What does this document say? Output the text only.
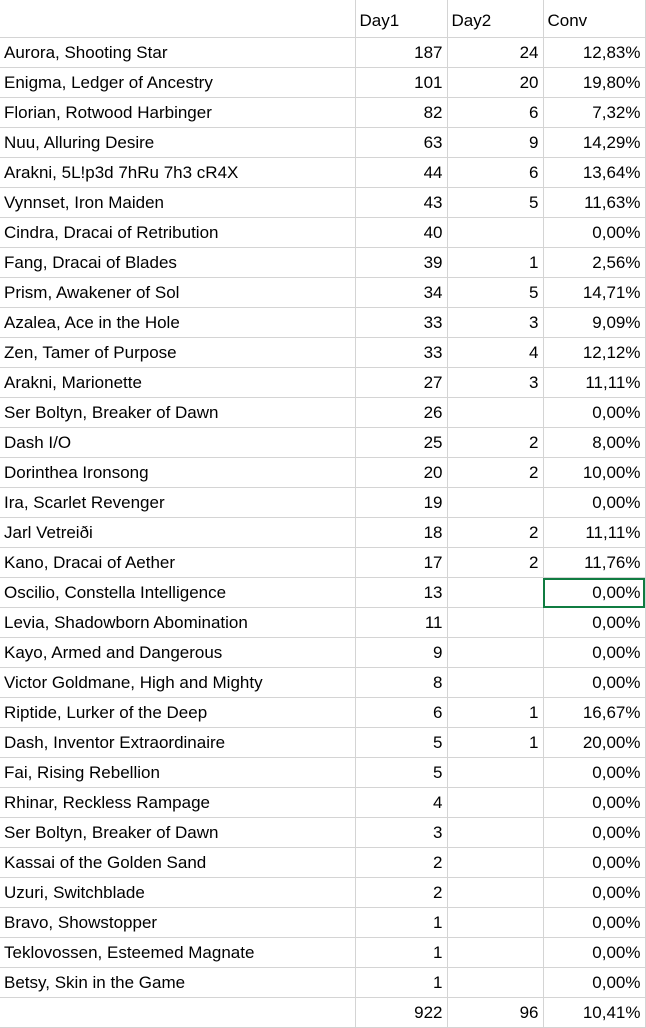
	Day1	Day2	Conv
Aurora, Shooting Star	187	24	12,83%
Enigma, Ledger of Ancestry	101	20	19,80%
Florian, Rotwood Harbinger	82	6	7,32%
Nuu, Alluring Desire	63	9	14,29%
Arakni, 5L!p3d 7hRu 7h3 cR4X	44	6	13,64%
Vynnset, Iron Maiden	43	5	11,63%
Cindra, Dracai of Retribution	40		0,00%
Fang, Dracai of Blades	39	1	2,56%
Prism, Awakener of Sol	34	5	14,71%
Azalea, Ace in the Hole	33	3	9,09%
Zen, Tamer of Purpose	33	4	12,12%
Arakni, Marionette	27	3	11,11%
Ser Boltyn, Breaker of Dawn	26		0,00%
Dash I/O	25	2	8,00%
Dorinthea Ironsong	20	2	10,00%
Ira, Scarlet Revenger	19		0,00%
Jarl Vetreiði	18	2	11,11%
Kano, Dracai of Aether	17	2	11,76%
Oscilio, Constella Intelligence	13		0,00%
Levia, Shadowborn Abomination	11		0,00%
Kayo, Armed and Dangerous	9		0,00%
Victor Goldmane, High and Mighty	8		0,00%
Riptide, Lurker of the Deep	6	1	16,67%
Dash, Inventor Extraordinaire	5	1	20,00%
Fai, Rising Rebellion	5		0,00%
Rhinar, Reckless Rampage	4		0,00%
Ser Boltyn, Breaker of Dawn	3		0,00%
Kassai of the Golden Sand	2		0,00%
Uzuri, Switchblade	2		0,00%
Bravo, Showstopper	1		0,00%
Teklovossen, Esteemed Magnate	1		0,00%
Betsy, Skin in the Game	1		0,00%
	922	96	10,41%
